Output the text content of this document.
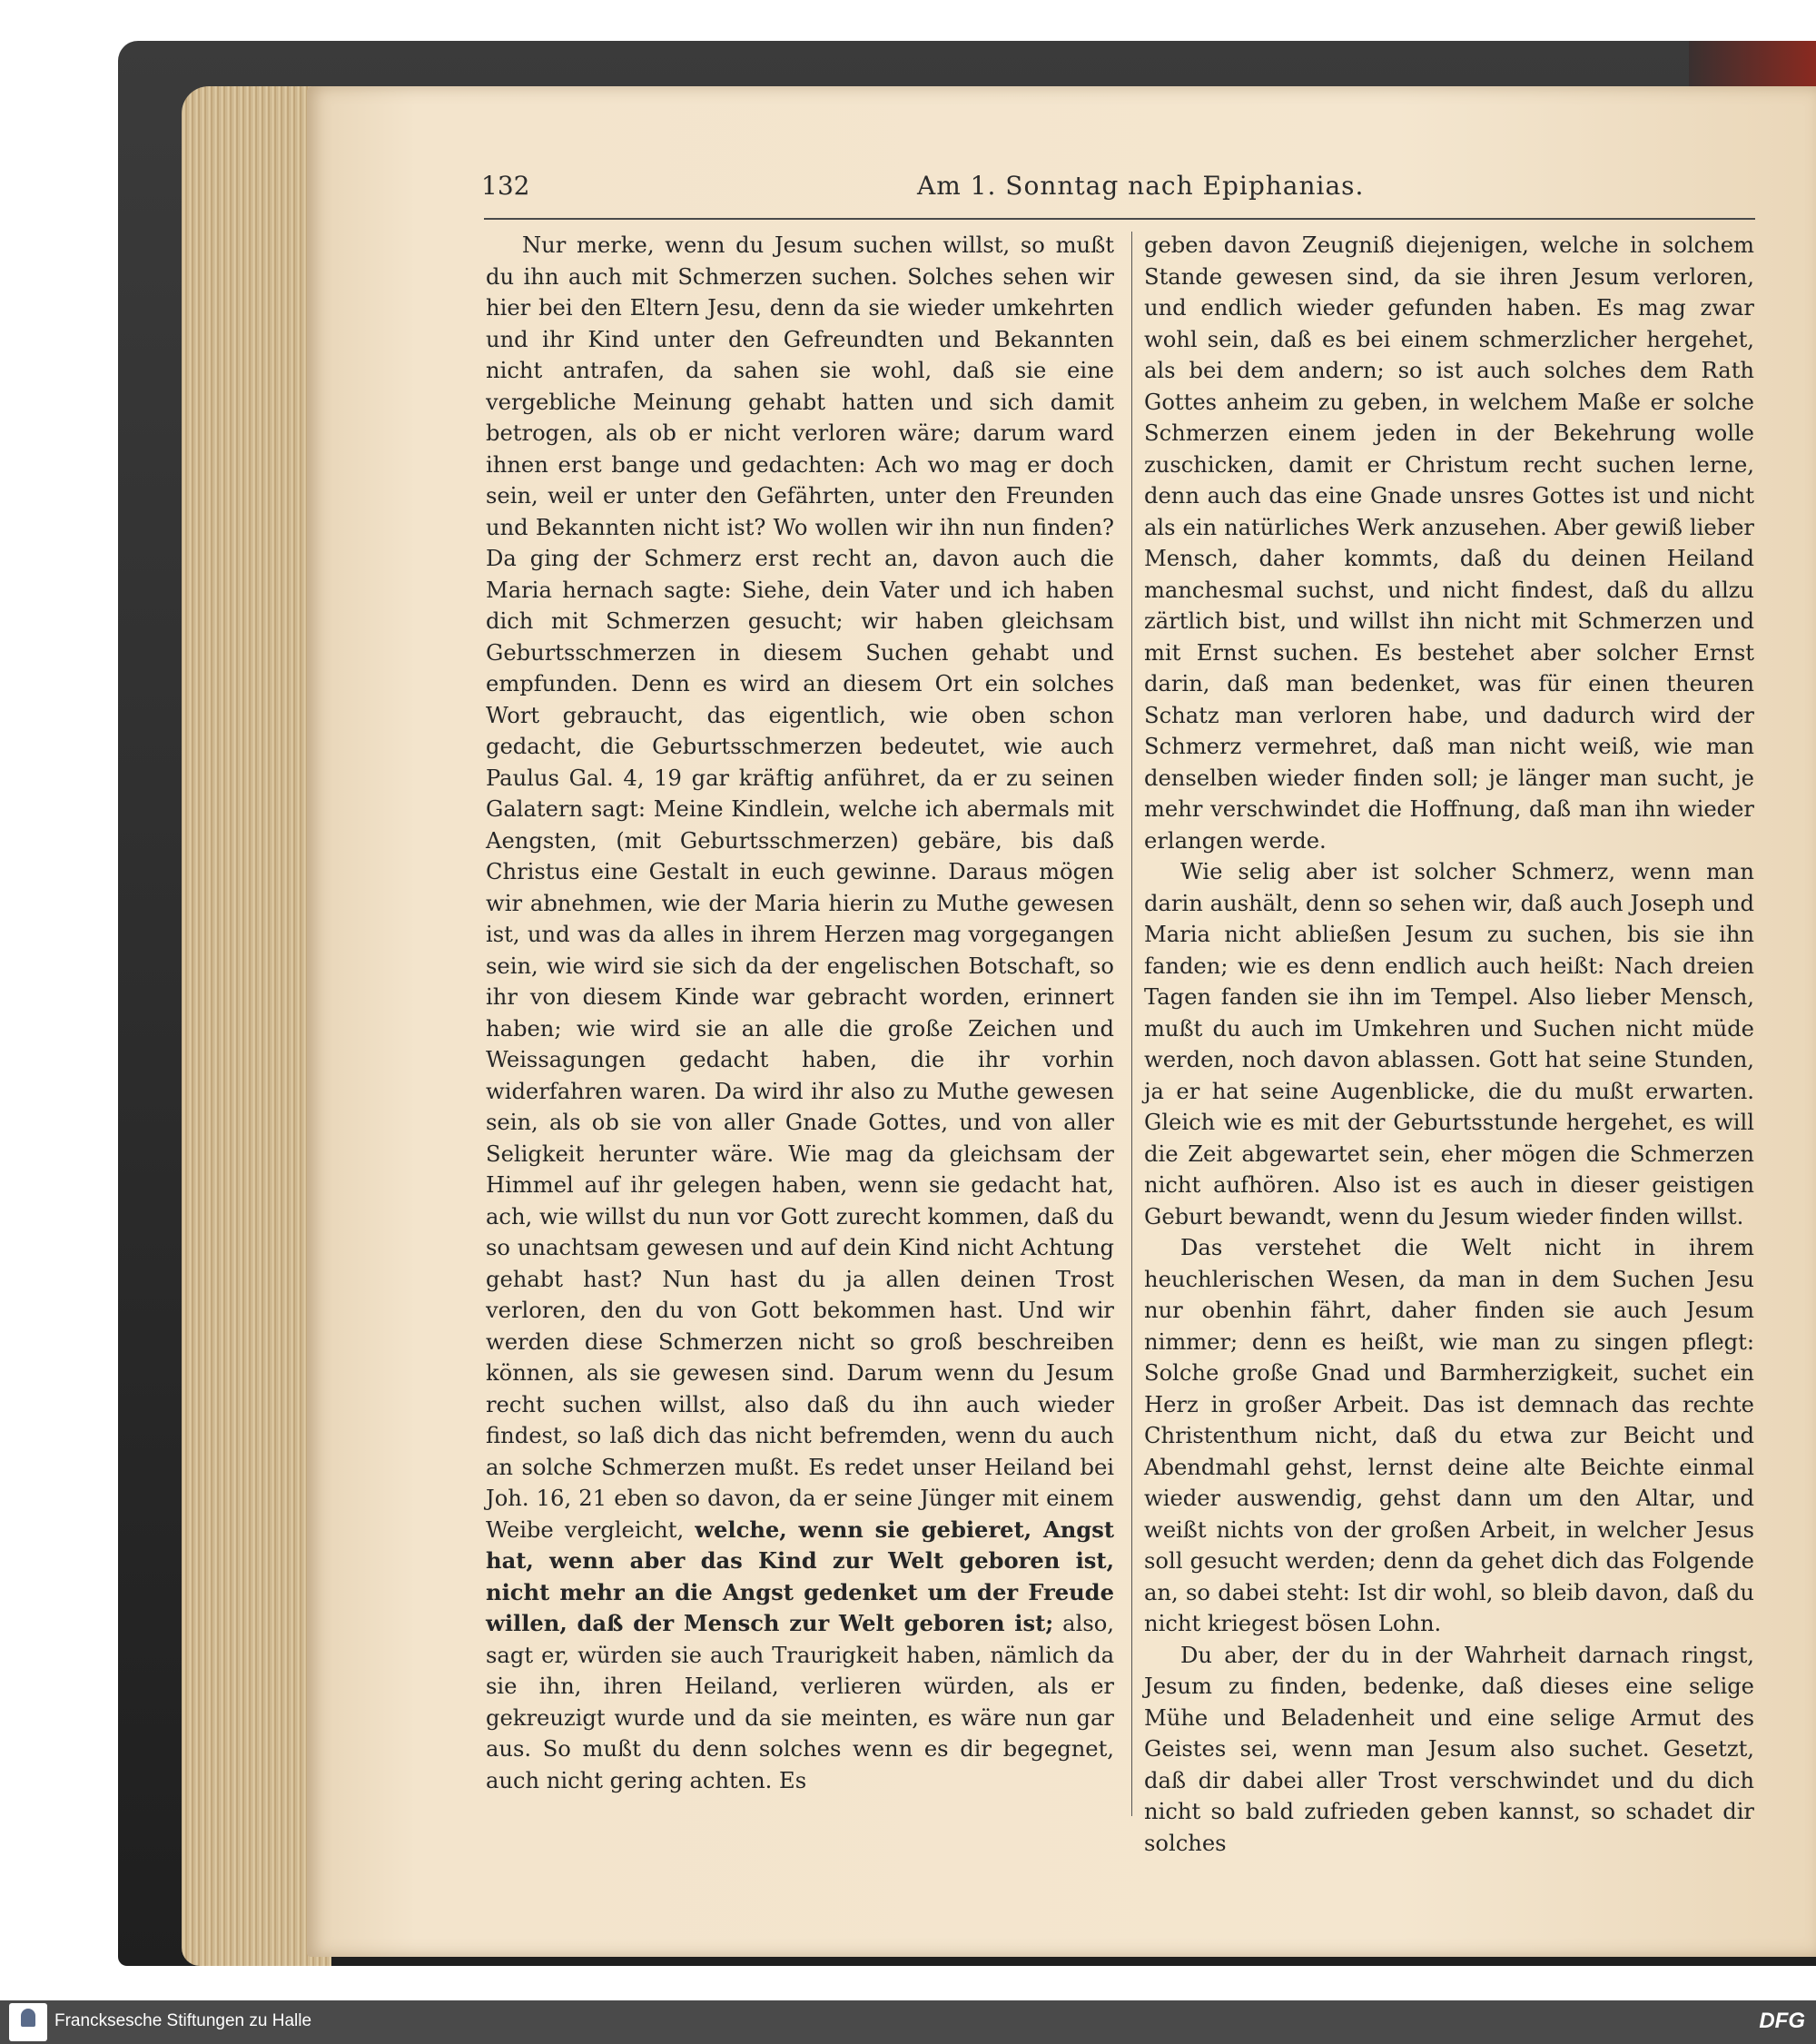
132	Am 1. Sonntag nach Epiphanias.

Nur merke, wenn du Jesum suchen willst, so mußt du ihn auch mit Schmerzen suchen. Solches sehen wir hier bei den Eltern Jesu, denn da sie wieder umkehrten und ihr Kind unter den Gefreundten und Bekannten nicht antrafen, da sahen sie wohl, daß sie eine vergebliche Meinung gehabt hatten und sich damit betrogen, als ob er nicht verloren wäre; darum ward ihnen erst bange und gedachten: Ach wo mag er doch sein, weil er unter den Gefährten, unter den Freunden und Bekannten nicht ist? Wo wollen wir ihn nun finden? Da ging der Schmerz erst recht an, davon auch die Maria hernach sagte: Siehe, dein Vater und ich haben dich mit Schmerzen gesucht; wir haben gleichsam Geburtsschmerzen in diesem Suchen gehabt und empfunden. Denn es wird an diesem Ort ein solches Wort gebraucht, das eigentlich, wie oben schon gedacht, die Geburtsschmerzen bedeutet, wie auch Paulus Gal. 4, 19 gar kräftig anführet, da er zu seinen Galatern sagt: Meine Kindlein, welche ich abermals mit Aengsten, (mit Geburtsschmerzen) gebäre, bis daß Christus eine Gestalt in euch gewinne. Daraus mögen wir abnehmen, wie der Maria hierin zu Muthe gewesen ist, und was da alles in ihrem Herzen mag vorgegangen sein, wie wird sie sich da der engelischen Botschaft, so ihr von diesem Kinde war gebracht worden, erinnert haben; wie wird sie an alle die große Zeichen und Weissagungen gedacht haben, die ihr vorhin widerfahren waren. Da wird ihr also zu Muthe gewesen sein, als ob sie von aller Gnade Gottes, und von aller Seligkeit herunter wäre. Wie mag da gleichsam der Himmel auf ihr gelegen haben, wenn sie gedacht hat, ach, wie willst du nun vor Gott zurecht kommen, daß du so unachtsam gewesen und auf dein Kind nicht Achtung gehabt hast? Nun hast du ja allen deinen Trost verloren, den du von Gott bekommen hast. Und wir werden diese Schmerzen nicht so groß beschreiben können, als sie gewesen sind. Darum wenn du Jesum recht suchen willst, also daß du ihn auch wieder findest, so laß dich das nicht befremden, wenn du auch an solche Schmerzen mußt. Es redet unser Heiland bei Joh. 16, 21 eben so davon, da er seine Jünger mit einem Weibe vergleicht, welche, wenn sie gebieret, Angst hat, wenn aber das Kind zur Welt geboren ist, nicht mehr an die Angst gedenket um der Freude willen, daß der Mensch zur Welt geboren ist; also, sagt er, würden sie auch Traurigkeit haben, nämlich da sie ihn, ihren Heiland, verlieren würden, als er gekreuzigt wurde und da sie meinten, es wäre nun gar aus. So mußt du denn solches wenn es dir begegnet, auch nicht gering achten. Es

geben davon Zeugniß diejenigen, welche in solchem Stande gewesen sind, da sie ihren Jesum verloren, und endlich wieder gefunden haben. Es mag zwar wohl sein, daß es bei einem schmerzlicher hergehet, als bei dem andern; so ist auch solches dem Rath Gottes anheim zu geben, in welchem Maße er solche Schmerzen einem jeden in der Bekehrung wolle zuschicken, damit er Christum recht suchen lerne, denn auch das eine Gnade unsres Gottes ist und nicht als ein natürliches Werk anzusehen. Aber gewiß lieber Mensch, daher kommts, daß du deinen Heiland manchesmal suchst, und nicht findest, daß du allzu zärtlich bist, und willst ihn nicht mit Schmerzen und mit Ernst suchen. Es bestehet aber solcher Ernst darin, daß man bedenket, was für einen theuren Schatz man verloren habe, und dadurch wird der Schmerz vermehret, daß man nicht weiß, wie man denselben wieder finden soll; je länger man sucht, je mehr verschwindet die Hoffnung, daß man ihn wieder erlangen werde.

Wie selig aber ist solcher Schmerz, wenn man darin aushält, denn so sehen wir, daß auch Joseph und Maria nicht abließen Jesum zu suchen, bis sie ihn fanden; wie es denn endlich auch heißt: Nach dreien Tagen fanden sie ihn im Tempel. Also lieber Mensch, mußt du auch im Umkehren und Suchen nicht müde werden, noch davon ablassen. Gott hat seine Stunden, ja er hat seine Augenblicke, die du mußt erwarten. Gleich wie es mit der Geburtsstunde hergehet, es will die Zeit abgewartet sein, eher mögen die Schmerzen nicht aufhören. Also ist es auch in dieser geistigen Geburt bewandt, wenn du Jesum wieder finden willst.

Das verstehet die Welt nicht in ihrem heuchlerischen Wesen, da man in dem Suchen Jesu nur obenhin fährt, daher finden sie auch Jesum nimmer; denn es heißt, wie man zu singen pflegt: Solche große Gnad und Barmherzigkeit, suchet ein Herz in großer Arbeit. Das ist demnach das rechte Christenthum nicht, daß du etwa zur Beicht und Abendmahl gehst, lernst deine alte Beichte einmal wieder auswendig, gehst dann um den Altar, und weißt nichts von der großen Arbeit, in welcher Jesus soll gesucht werden; denn da gehet dich das Folgende an, so dabei steht: Ist dir wohl, so bleib davon, daß du nicht kriegest bösen Lohn.

Du aber, der du in der Wahrheit darnach ringst, Jesum zu finden, bedenke, daß dieses eine selige Mühe und Beladenheit und eine selige Armut des Geistes sei, wenn man Jesum also suchet. Gesetzt, daß dir dabei aller Trost verschwindet und du dich nicht so bald zufrieden geben kannst, so schadet dir solches

Francksesche Stiftungen zu Halle	DFG
